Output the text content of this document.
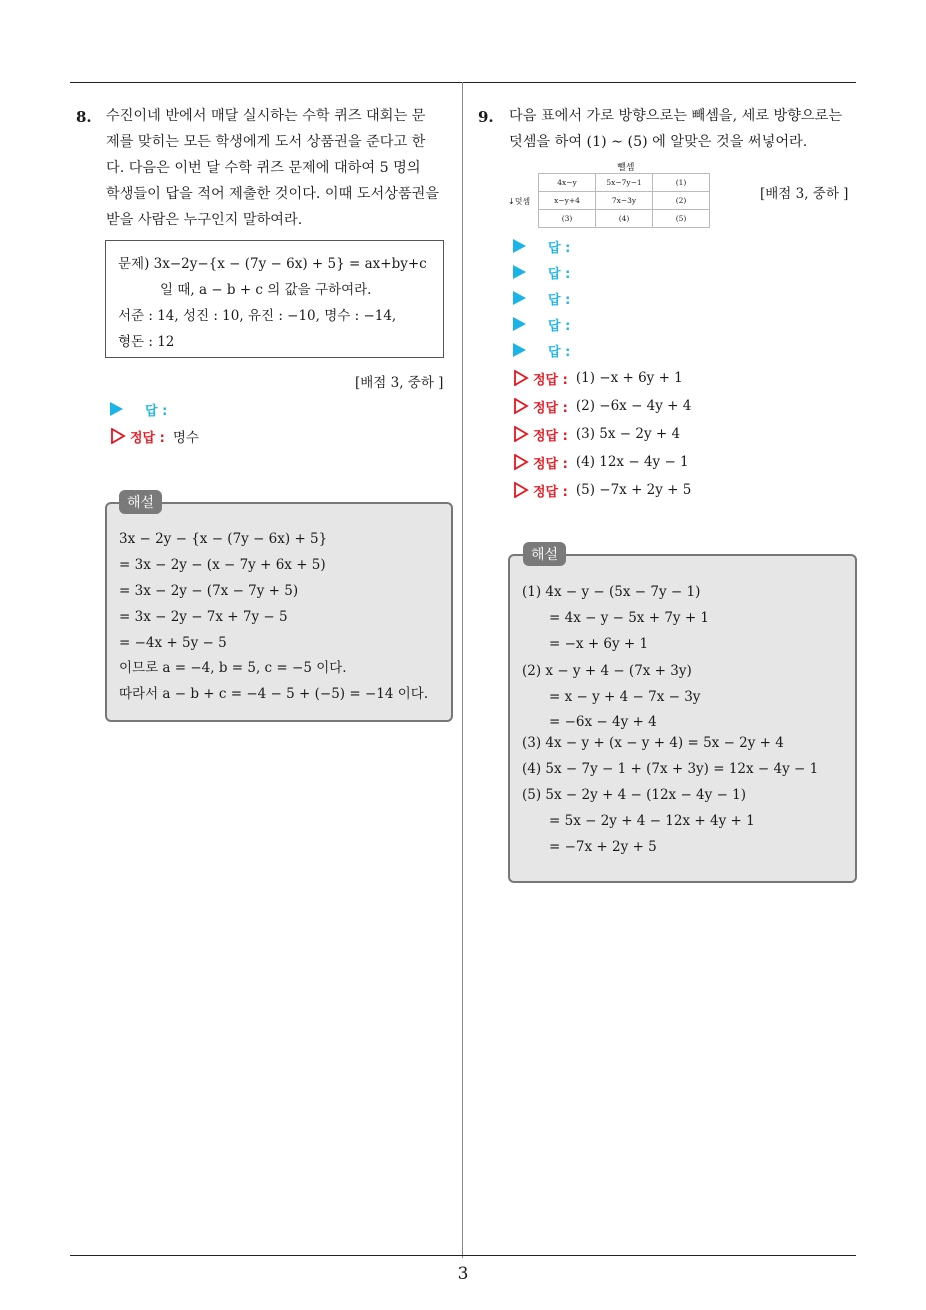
8. 수진이네 반에서 매달 실시하는 수학 퀴즈 대회는 문

제를 맞히는 모든 학생에게 도서 상품권을 준다고 한

다. 다음은 이번 달 수학 퀴즈 문제에 대하여 5 명의

학생들이 답을 적어 제출한 것이다. 이때 도서상품권을

받을 사람은 누구인지 말하여라.

문제) 3x−2y−{x − (7y − 6x) + 5} = ax+by+c

일 때, a − b + c 의 값을 구하여라.

서준 : 14, 성진 : 10, 유진 : −10, 명수 : −14,

형돈 : 12

[배점 3, 중하 ]
답 :
정답 : 명수
해설
3x − 2y − {x − (7y − 6x) + 5}
= 3x − 2y − (x − 7y + 6x + 5)
= 3x − 2y − (7x − 7y + 5)
= 3x − 2y − 7x + 7y − 5
= −4x + 5y − 5
이므로 a = −4, b = 5, c = −5 이다.
따라서 a − b + c = −4 − 5 + (−5) = −14 이다.
9. 다음 표에서 가로 방향으로는 빼셈을, 세로 방향으로는

덧셈을 하여 (1) ∼ (5) 에 알맞은 것을 써넣어라.

뺄셈
↓덧셈
4x−y	5x−7y−1	(1)
x−y+4	7x−3y	(2)
(3)	(4)	(5)
[배점 3, 중하 ]
답 :
답 :
답 :
답 :
답 :
정답 : (1) −x + 6y + 1
정답 : (2) −6x − 4y + 4
정답 : (3) 5x − 2y + 4
정답 : (4) 12x − 4y − 1
정답 : (5) −7x + 2y + 5
해설
(1) 4x − y − (5x − 7y − 1)
= 4x − y − 5x + 7y + 1
= −x + 6y + 1
(2) x − y + 4 − (7x + 3y)
= x − y + 4 − 7x − 3y
= −6x − 4y + 4
(3) 4x − y + (x − y + 4) = 5x − 2y + 4
(4) 5x − 7y − 1 + (7x + 3y) = 12x − 4y − 1
(5) 5x − 2y + 4 − (12x − 4y − 1)
= 5x − 2y + 4 − 12x + 4y + 1
= −7x + 2y + 5
3
